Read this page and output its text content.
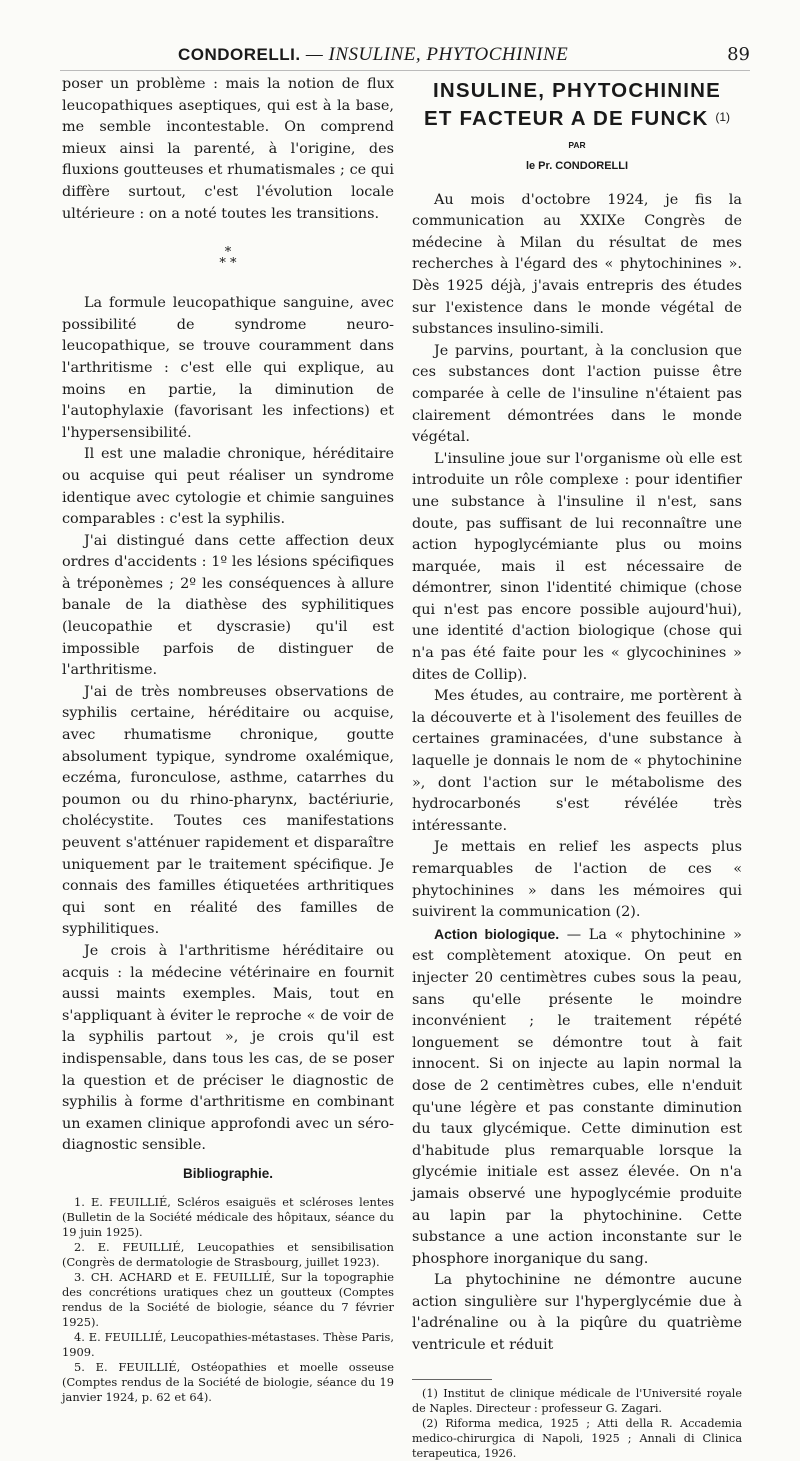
CONDORELLI. — INSULINE, PHYTOCHININE	89

poser un problème : mais la notion de flux leucopathiques aseptiques, qui est à la base, me semble incontestable. On comprend mieux ainsi la parenté, à l'origine, des fluxions goutteuses et rhumatismales ; ce qui diffère surtout, c'est l'évolution locale ultérieure : on a noté toutes les transitions.

*
* *

La formule leucopathique sanguine, avec possibilité de syndrome neuro-leucopathique, se trouve couramment dans l'arthritisme : c'est elle qui explique, au moins en partie, la diminution de l'autophylaxie (favorisant les infections) et l'hypersensibilité.

Il est une maladie chronique, héréditaire ou acquise qui peut réaliser un syndrome identique avec cytologie et chimie sanguines comparables : c'est la syphilis.

J'ai distingué dans cette affection deux ordres d'accidents : 1º les lésions spécifiques à tréponèmes ; 2º les conséquences à allure banale de la diathèse des syphilitiques (leucopathie et dyscrasie) qu'il est impossible parfois de distinguer de l'arthritisme.

J'ai de très nombreuses observations de syphilis certaine, héréditaire ou acquise, avec rhumatisme chronique, goutte absolument typique, syndrome oxalémique, eczéma, furonculose, asthme, catarrhes du poumon ou du rhino-pharynx, bactériurie, cholécystite. Toutes ces manifestations peuvent s'atténuer rapidement et disparaître uniquement par le traitement spécifique. Je connais des familles étiquetées arthritiques qui sont en réalité des familles de syphilitiques.

Je crois à l'arthritisme héréditaire ou acquis : la médecine vétérinaire en fournit aussi maints exemples. Mais, tout en s'appliquant à éviter le reproche « de voir de la syphilis partout », je crois qu'il est indispensable, dans tous les cas, de se poser la question et de préciser le diagnostic de syphilis à forme d'arthritisme en combinant un examen clinique approfondi avec un séro-diagnostic sensible.

Bibliographie.

1. E. FEUILLIÉ, Scléros esaiguës et scléroses lentes (Bulletin de la Société médicale des hôpitaux, séance du 19 juin 1925).

2. E. FEUILLIÉ, Leucopathies et sensibilisation (Congrès de dermatologie de Strasbourg, juillet 1923).

3. CH. ACHARD et E. FEUILLIÉ, Sur la topographie des concrétions uratiques chez un goutteux (Comptes rendus de la Société de biologie, séance du 7 février 1925).

4. E. FEUILLIÉ, Leucopathies-métastases. Thèse Paris, 1909.

5. E. FEUILLIÉ, Ostéopathies et moelle osseuse (Comptes rendus de la Société de biologie, séance du 19 janvier 1924, p. 62 et 64).

INSULINE, PHYTOCHININE
ET FACTEUR A DE FUNCK (1)
PAR
le Pr. CONDORELLI

Au mois d'octobre 1924, je fis la communication au XXIXe Congrès de médecine à Milan du résultat de mes recherches à l'égard des « phytochinines ». Dès 1925 déjà, j'avais entrepris des études sur l'existence dans le monde végétal de substances insulino-simili.

Je parvins, pourtant, à la conclusion que ces substances dont l'action puisse être comparée à celle de l'insuline n'étaient pas clairement démontrées dans le monde végétal.

L'insuline joue sur l'organisme où elle est introduite un rôle complexe : pour identifier une substance à l'insuline il n'est, sans doute, pas suffisant de lui reconnaître une action hypoglycémiante plus ou moins marquée, mais il est nécessaire de démontrer, sinon l'identité chimique (chose qui n'est pas encore possible aujourd'hui), une identité d'action biologique (chose qui n'a pas été faite pour les « glycochinines » dites de Collip).

Mes études, au contraire, me portèrent à la découverte et à l'isolement des feuilles de certaines graminacées, d'une substance à laquelle je donnais le nom de « phytochinine », dont l'action sur le métabolisme des hydrocarbonés s'est révélée très intéressante.

Je mettais en relief les aspects plus remarquables de l'action de ces « phytochinines » dans les mémoires qui suivirent la communication (2).

Action biologique. — La « phytochinine » est complètement atoxique. On peut en injecter 20 centimètres cubes sous la peau, sans qu'elle présente le moindre inconvénient ; le traitement répété longuement se démontre tout à fait innocent. Si on injecte au lapin normal la dose de 2 centimètres cubes, elle n'enduit qu'une légère et pas constante diminution du taux glycémique. Cette diminution est d'habitude plus remarquable lorsque la glycémie initiale est assez élevée. On n'a jamais observé une hypoglycémie produite au lapin par la phytochinine. Cette substance a une action inconstante sur le phosphore inorganique du sang.

La phytochinine ne démontre aucune action singulière sur l'hyperglycémie due à l'adrénaline ou à la piqûre du quatrième ventricule et réduit

(1) Institut de clinique médicale de l'Université royale de Naples. Directeur : professeur G. Zagari.

(2) Riforma medica, 1925 ; Atti della R. Accademia medico-chirurgica di Napoli, 1925 ; Annali di Clinica terapeutica, 1926.
